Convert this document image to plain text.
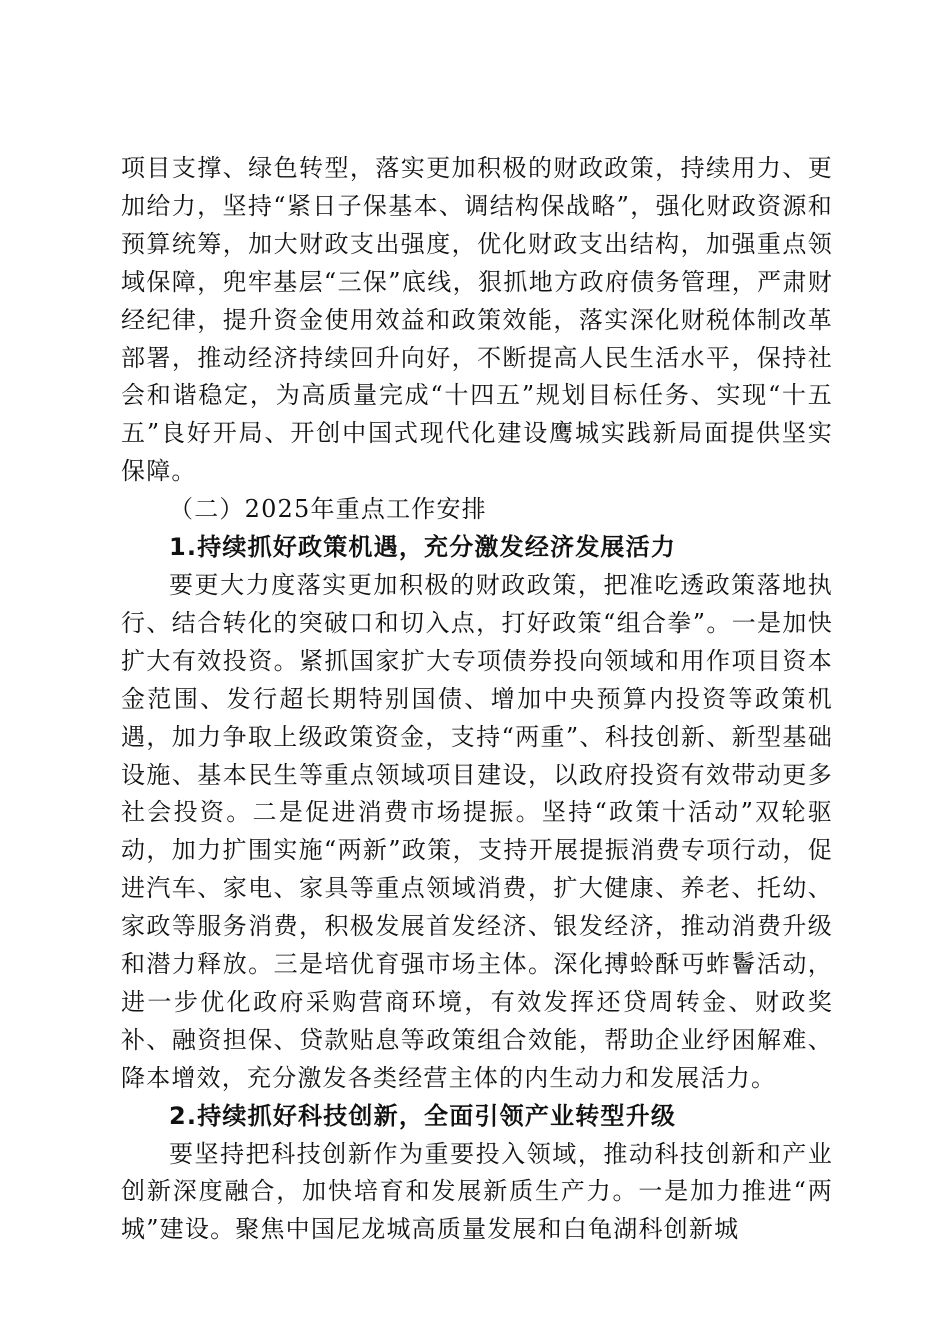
项目支撑、绿色转型，落实更加积极的财政政策，持续用力、更加给力，坚持“紧日子保基本、调结构保战略”，强化财政资源和预算统筹，加大财政支出强度，优化财政支出结构，加强重点领域保障，兜牢基层“三保”底线，狠抓地方政府债务管理，严肃财经纪律，提升资金使用效益和政策效能，落实深化财税体制改革部署，推动经济持续回升向好，不断提高人民生活水平，保持社会和谐稳定，为高质量完成“十四五”规划目标任务、实现“十五五”良好开局、开创中国式现代化建设鹰城实践新局面提供坚实保障。

（二）2025年重点工作安排

1.持续抓好政策机遇，充分激发经济发展活力

要更大力度落实更加积极的财政政策，把准吃透政策落地执行、结合转化的突破口和切入点，打好政策“组合拳”。一是加快扩大有效投资。紧抓国家扩大专项债券投向领域和用作项目资本金范围、发行超长期特别国债、增加中央预算内投资等政策机遇，加力争取上级政策资金，支持“两重”、科技创新、新型基础设施、基本民生等重点领域项目建设，以政府投资有效带动更多社会投资。二是促进消费市场提振。坚持“政策十活动”双轮驱动，加力扩围实施“两新”政策，支持开展提振消费专项行动，促进汽车、家电、家具等重点领域消费，扩大健康、养老、托幼、家政等服务消费，积极发展首发经济、银发经济，推动消费升级和潜力释放。三是培优育强市场主体。深化搏蛉酥丏蚱鬠活动，进一步优化政府采购营商环境，有效发挥还贷周转金、财政奖补、融资担保、贷款贴息等政策组合效能，帮助企业纾困解难、降本增效，充分激发各类经营主体的内生动力和发展活力。

2.持续抓好科技创新，全面引领产业转型升级

要坚持把科技创新作为重要投入领域，推动科技创新和产业创新深度融合，加快培育和发展新质生产力。一是加力推进“两城”建设。聚焦中国尼龙城高质量发展和白龟湖科创新城
